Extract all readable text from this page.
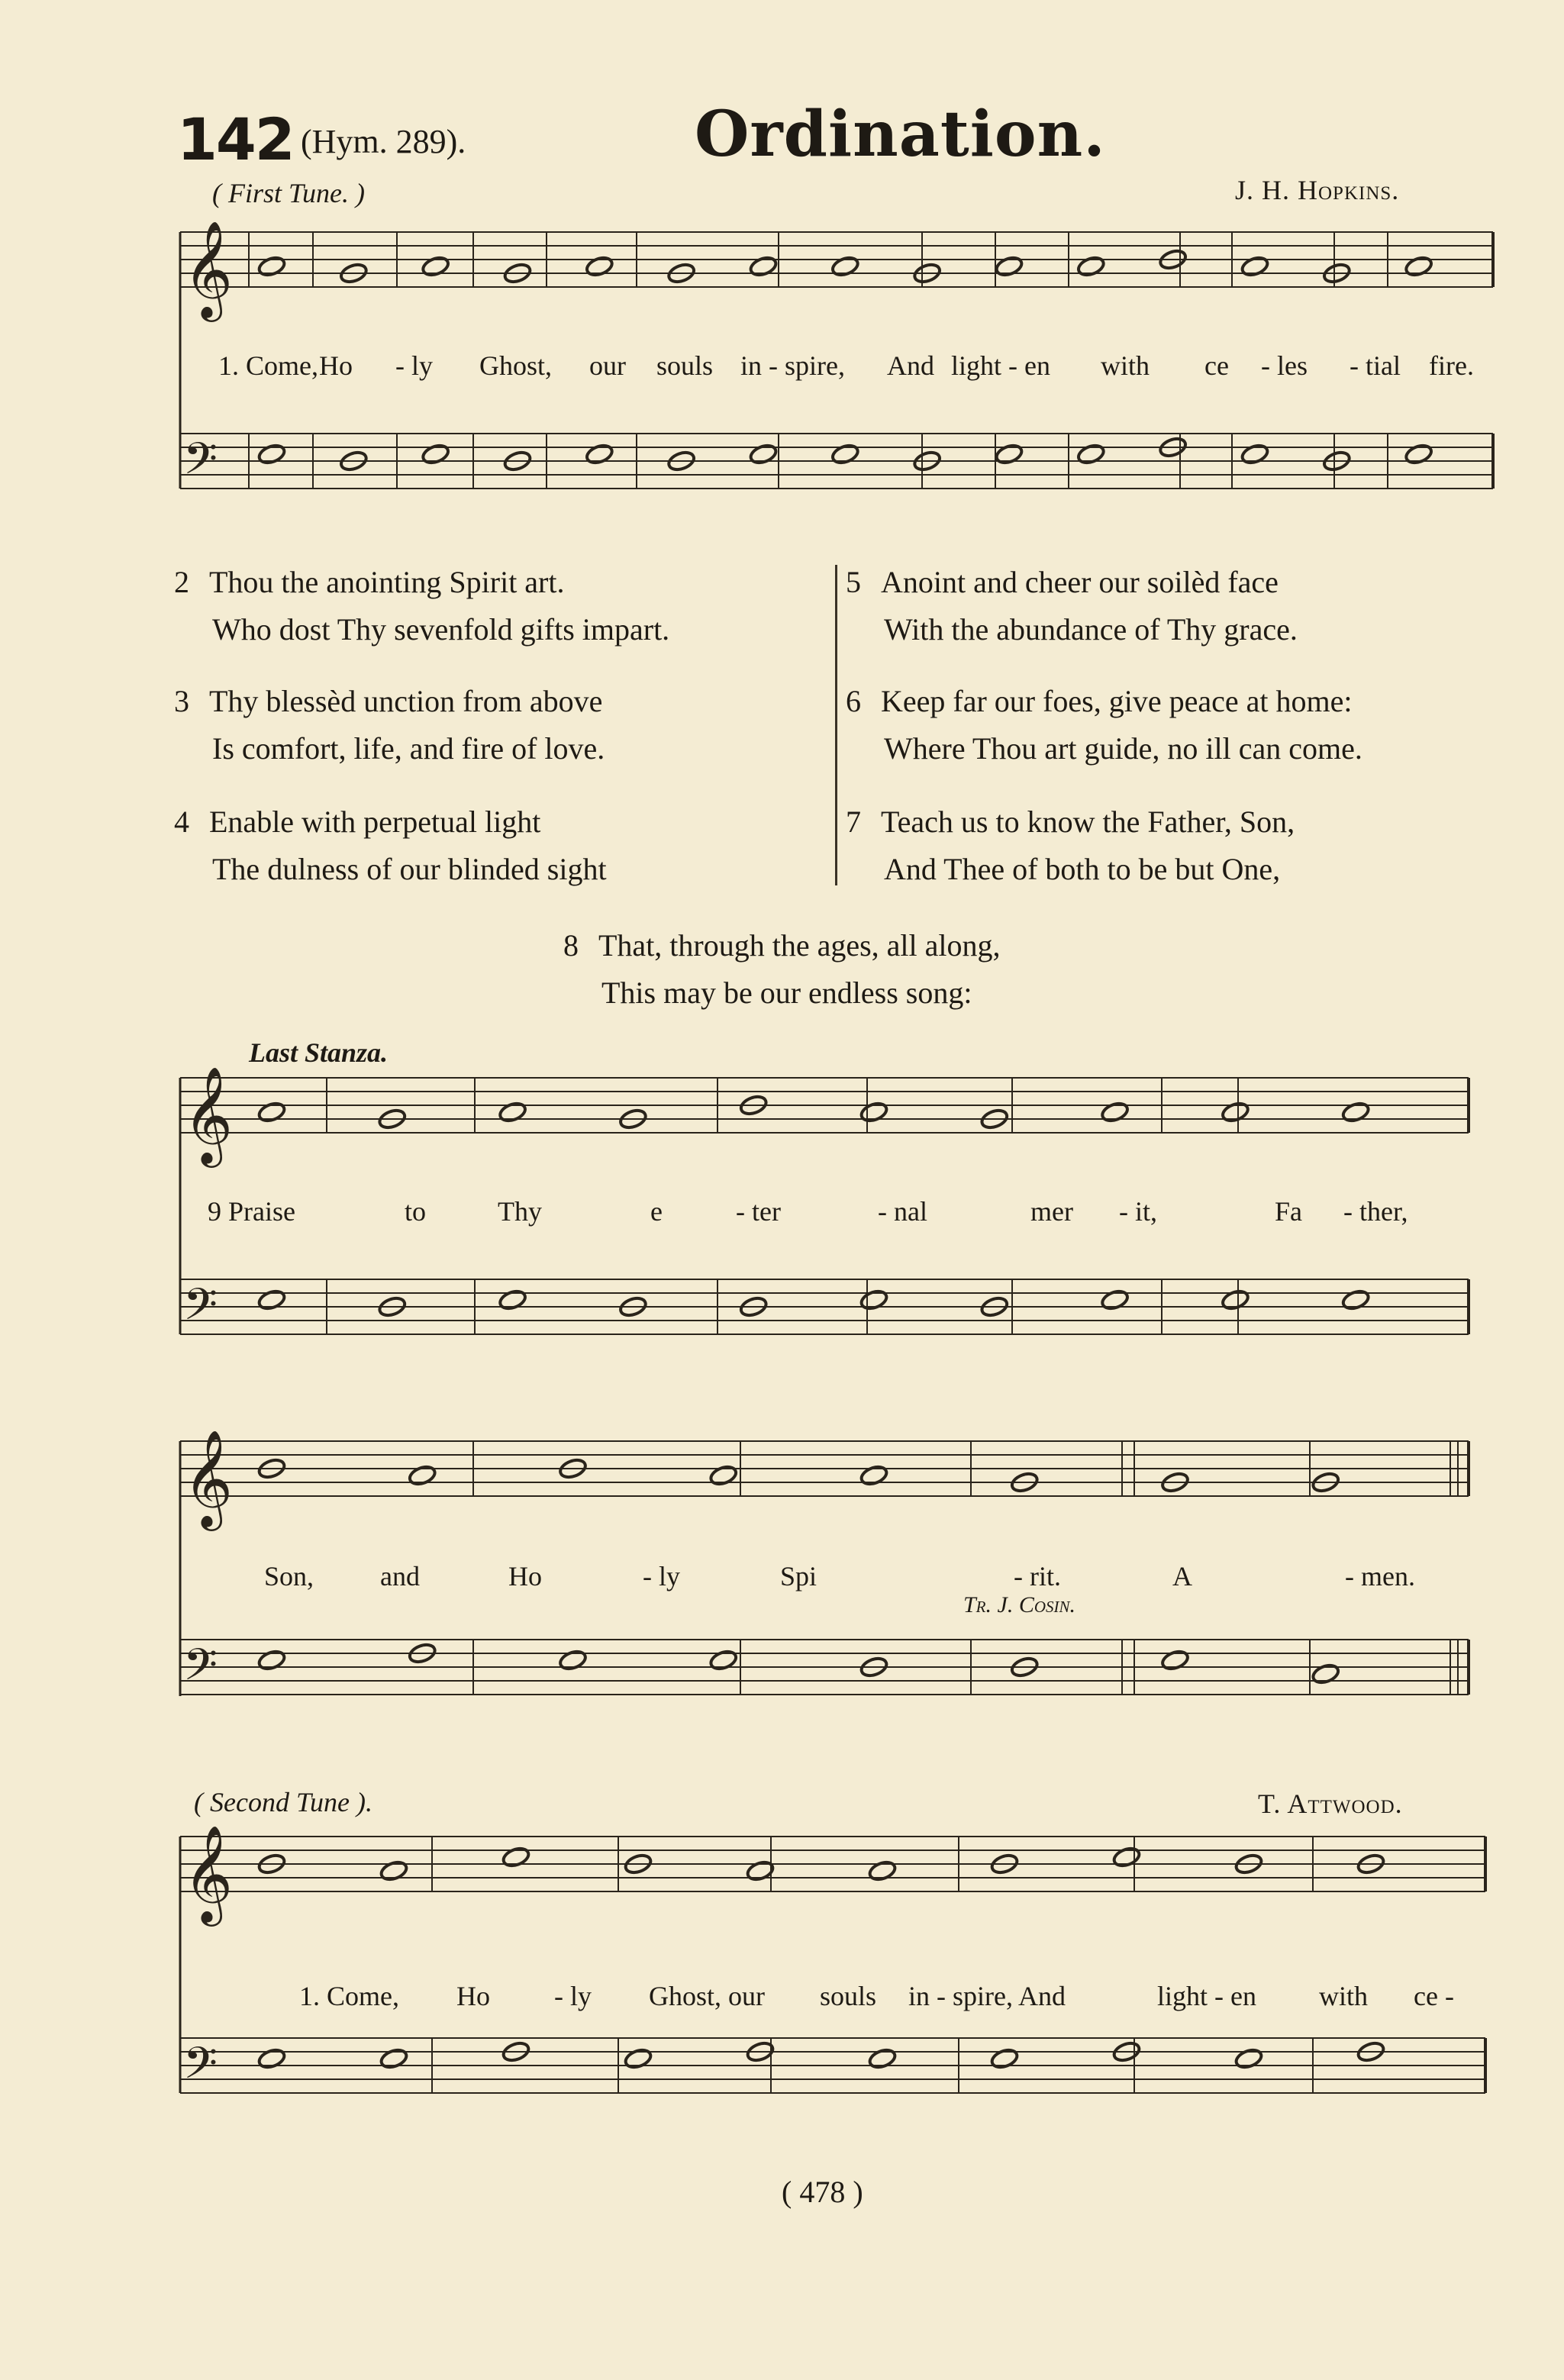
142 (Hym. 289).	Ordination.
( First Tune. )	J. H. Hopkins.
𝄞
𝄢
𝄞
𝄢
𝄞
𝄢
𝄞
𝄢
1. Come, Ho - ly Ghost, our souls in - spire, And light - en with ce - les - tial fire.
2 Thou the anointing Spirit art.
Who dost Thy sevenfold gifts impart.
3 Thy blessèd unction from above
Is comfort, life, and fire of love.
4 Enable with perpetual light
The dulness of our blinded sight
5 Anoint and cheer our soilèd face
With the abundance of Thy grace.
6 Keep far our foes, give peace at home:
Where Thou art guide, no ill can come.
7 Teach us to know the Father, Son,
And Thee of both to be but One,
8 That, through the ages, all along,
This may be our endless song:
Last Stanza.
9 Praise	to	Thy	e	- ter	- nal	mer - it,	Fa - ther,
Son, and	Ho	- ly	Spi	- rit.	A	- men.
Tr. J. Cosin.
( Second Tune ).	T. Attwood.
1. Come, Ho - ly Ghost, our souls in - spire, And	light - en with ce -
( 478 )
